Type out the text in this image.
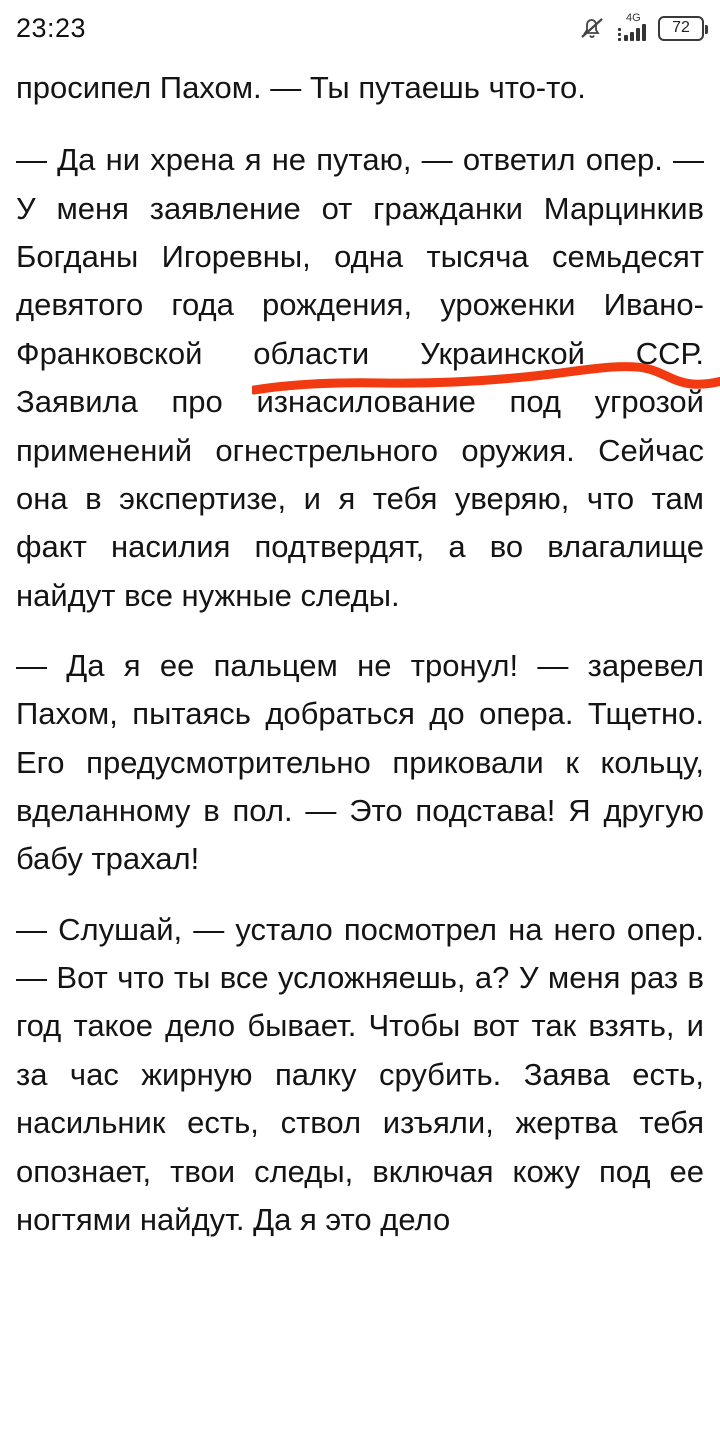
23:23	4G
72

просипел Пахом. — Ты путаешь что-то.

— Да ни хрена я не путаю, — ответил опер. — У меня заявление от гражданки Марцинкив Богданы Игоревны, одна тысяча семьдесят девятого года рождения, уроженки Ивано-Франковской области Украинской ССР. Заявила про изнасилование под угрозой применений огнестрельного оружия. Сейчас она в экспертизе, и я тебя уверяю, что там факт насилия подтвердят, а во влагалище найдут все нужные следы.

— Да я ее пальцем не тронул! — заревел Пахом, пытаясь добраться до опера. Тщетно. Его предусмотрительно приковали к кольцу, вделанному в пол. — Это подстава! Я другую бабу трахал!

— Слушай, — устало посмотрел на него опер. — Вот что ты все усложняешь, а? У меня раз в год такое дело бывает. Чтобы вот так взять, и за час жирную палку срубить. Заява есть, насильник есть, ствол изъяли, жертва тебя опознает, твои следы, включая кожу под ее ногтями найдут. Да я это дело
